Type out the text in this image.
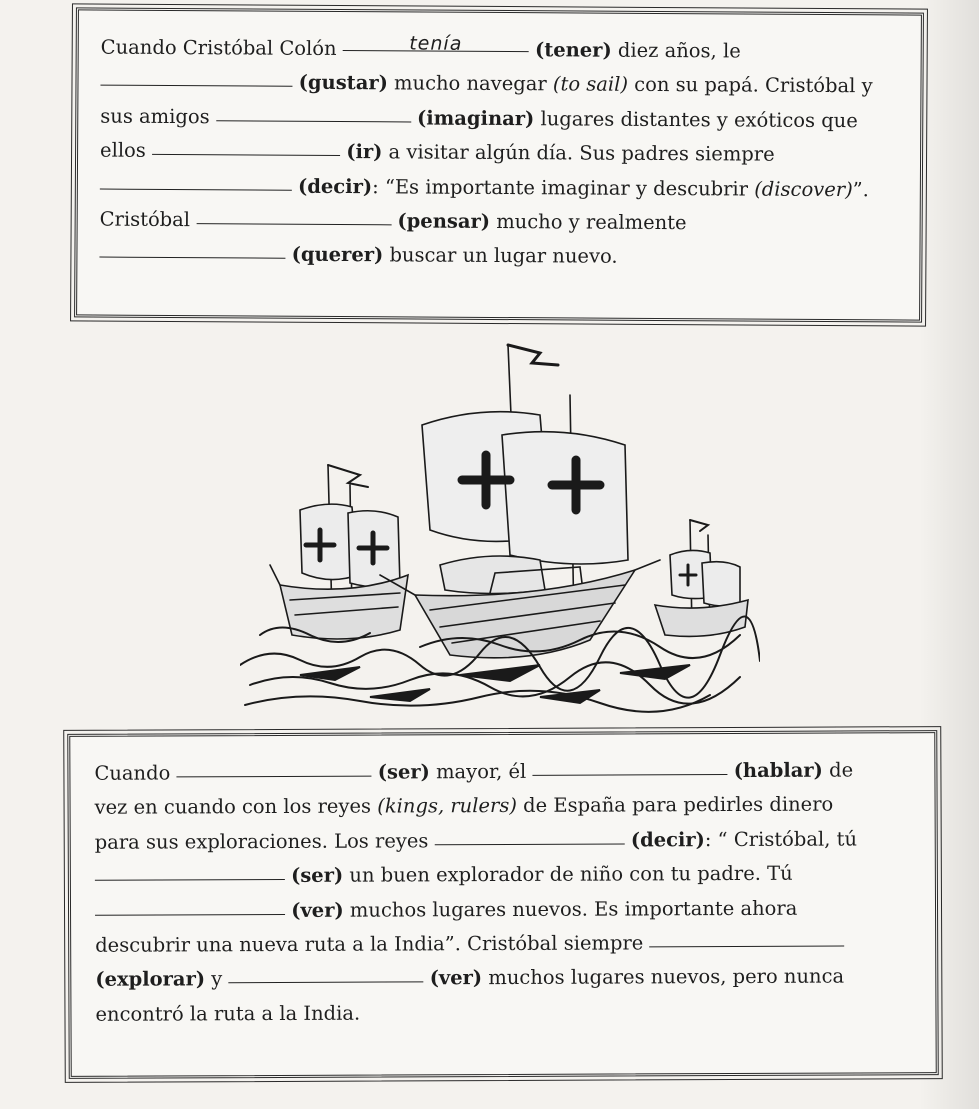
Cuando Cristóbal Colón	tenía	(tener) diez años, le
(gustar) mucho navegar (to sail) con su papá. Cristóbal y
sus amigos	(imaginar) lugares distantes y exóticos que
ellos	(ir) a visitar algún día. Sus padres siempre
(decir): “Es importante imaginar y descubrir (discover)”.
Cristóbal	(pensar) mucho y realmente
(querer) buscar un lugar nuevo.
Cuando	(ser) mayor, él	(hablar) de
vez en cuando con los reyes (kings, rulers) de España para pedirles dinero
para sus exploraciones. Los reyes	(decir): “ Cristóbal, tú
(ser) un buen explorador de niño con tu padre. Tú
(ver) muchos lugares nuevos. Es importante ahora
descubrir una nueva ruta a la India”. Cristóbal siempre
(explorar) y	(ver) muchos lugares nuevos, pero nunca
encontró la ruta a la India.
